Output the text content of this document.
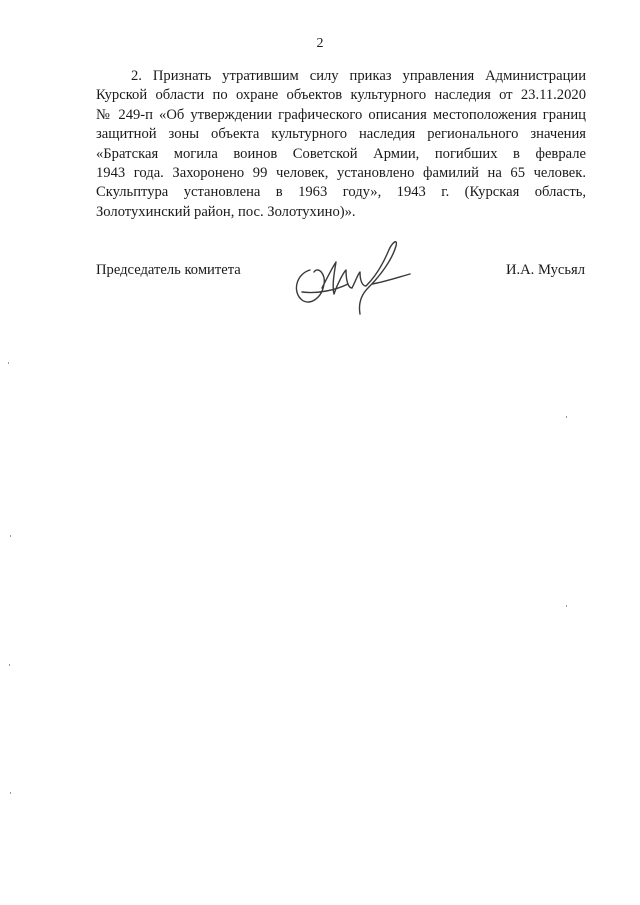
2
2. Признать утратившим силу приказ управления Администрации
Курской области по охране объектов культурного наследия от 23.11.2020
№ 249-п «Об утверждении графического описания местоположения границ
защитной зоны объекта культурного наследия регионального значения
«Братская могила воинов Советской Армии, погибших в феврале
1943 года. Захоронено 99 человек, установлено фамилий на 65 человек.
Скульптура установлена в 1963 году», 1943 г. (Курская область,
Золотухинский район, пос. Золотухино)».
Председатель комитета	И.А. Мусьял
